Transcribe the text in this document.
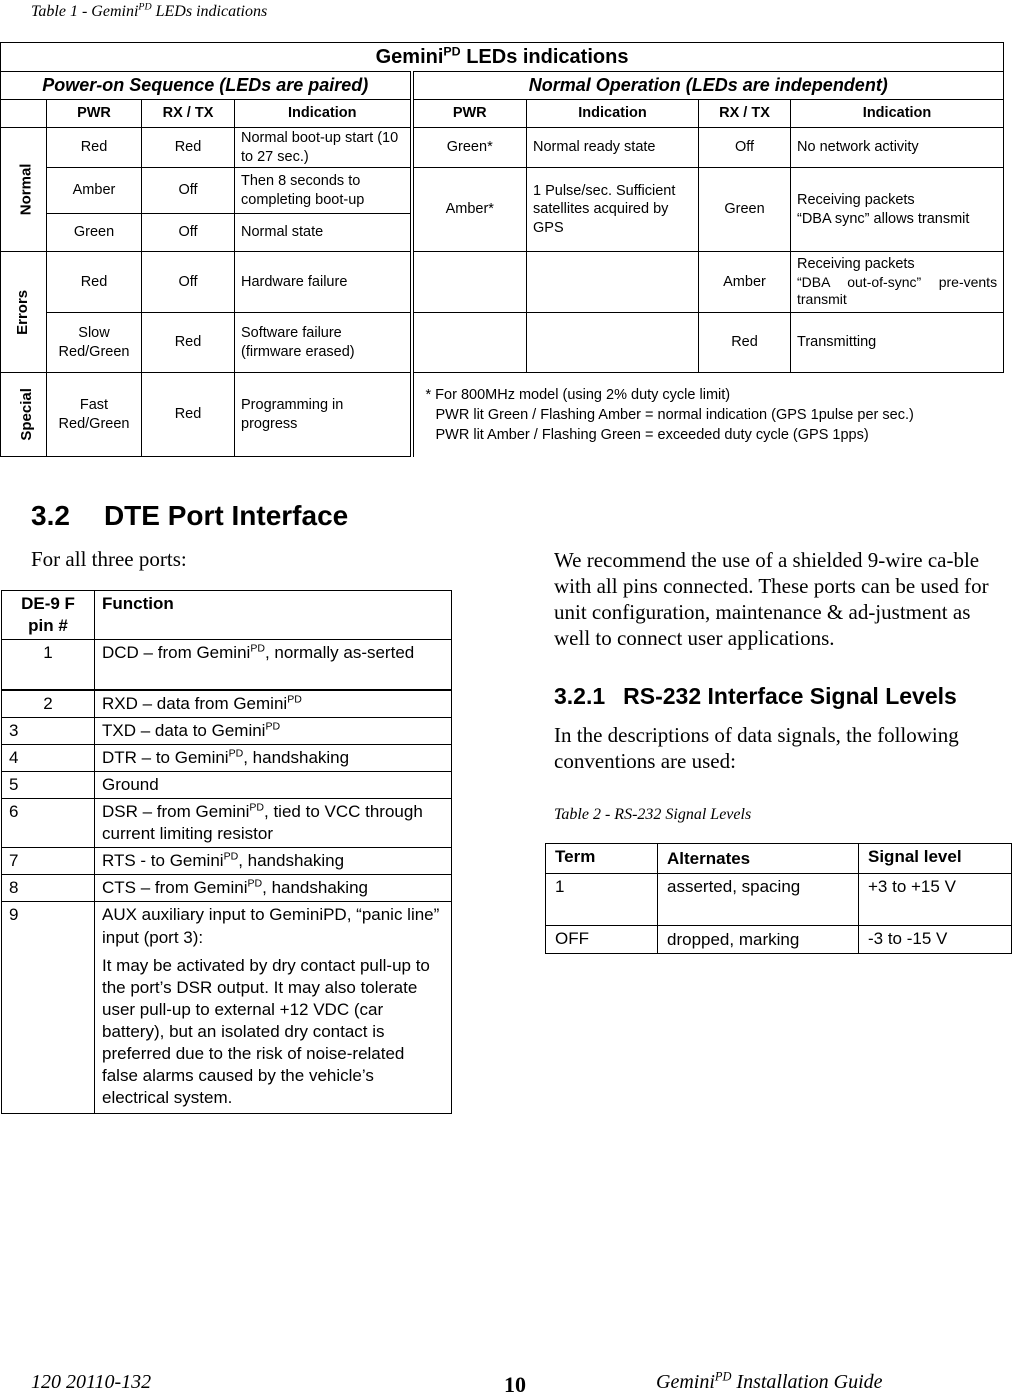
Table 1 - Gemini$^{PD}$ LEDs indications
Gemini$^{PD}$ LEDs indications							
Power-on Sequence (LEDs are paired)				Normal Operation (LEDs are independent)			
	PWR	RX / TX	Indication	PWR	Indication	RX / TX	Indication
Normal	Red	Red	Normal boot-up start (10 to 27 sec.)	Green*	Normal ready state	Off	No network activity
	Amber	Off	Then 8 seconds to completing boot-up	Amber*	1 Pulse/sec. Sufficient satellites acquired by GPS	Green	Receiving packets
“DBA sync” allows transmit

	Green	Off	Normal state				
Errors	Red	Off	Hardware failure			Amber	Receiving packets
“DBA out-of-sync” pre-vents transmit

	Slow Red/Green	Red	Software failure (firmware erased)			Red	Transmitting
Special	Fast Red/Green	Red	Programming in progress	* For 800MHz model (using 2% duty cycle limit)
PWR lit Green / Flashing Amber = normal indication (GPS 1pulse per sec.)
PWR lit Amber / Flashing Green = exceeded duty cycle (GPS 1pps)			
3.2 DTE Port Interface
For all three ports:
DE-9 F pin #	Function
1	DCD – from Gemini$^{PD}$, normally as-serted
2	RXD – data from Gemini$^{PD}$
3	TXD – data to Gemini$^{PD}$
4	DTR – to Gemini$^{PD}$, handshaking
5	Ground
6	DSR – from Gemini$^{PD}$, tied to VCC through current limiting resistor
7	RTS - to Gemini$^{PD}$, handshaking
8	CTS – from Gemini$^{PD}$, handshaking
9	AUX auxiliary input to GeminiPD, “panic line” input (port 3):

It may be activated by dry contact pull-up to the port’s DSR output. It may also tolerate user pull-up to external +12 VDC (car battery), but an isolated dry contact is preferred due to the risk of noise-related false alarms caused by the vehicle’s electrical system.

We recommend the use of a shielded 9-wire ca-ble with all pins connected. These ports can be used for unit configuration, maintenance & ad-justment as well to connect user applications.
3.2.1 RS-232 Interface Signal Levels
In the descriptions of data signals, the following conventions are used:
Table 2 - RS-232 Signal Levels
Term	Alternates	Signal level
1	asserted, spacing	+3 to +15 V
OFF	dropped, marking	-3 to -15 V
120 20110-132	10	Gemini$^{PD}$ Installation Guide
